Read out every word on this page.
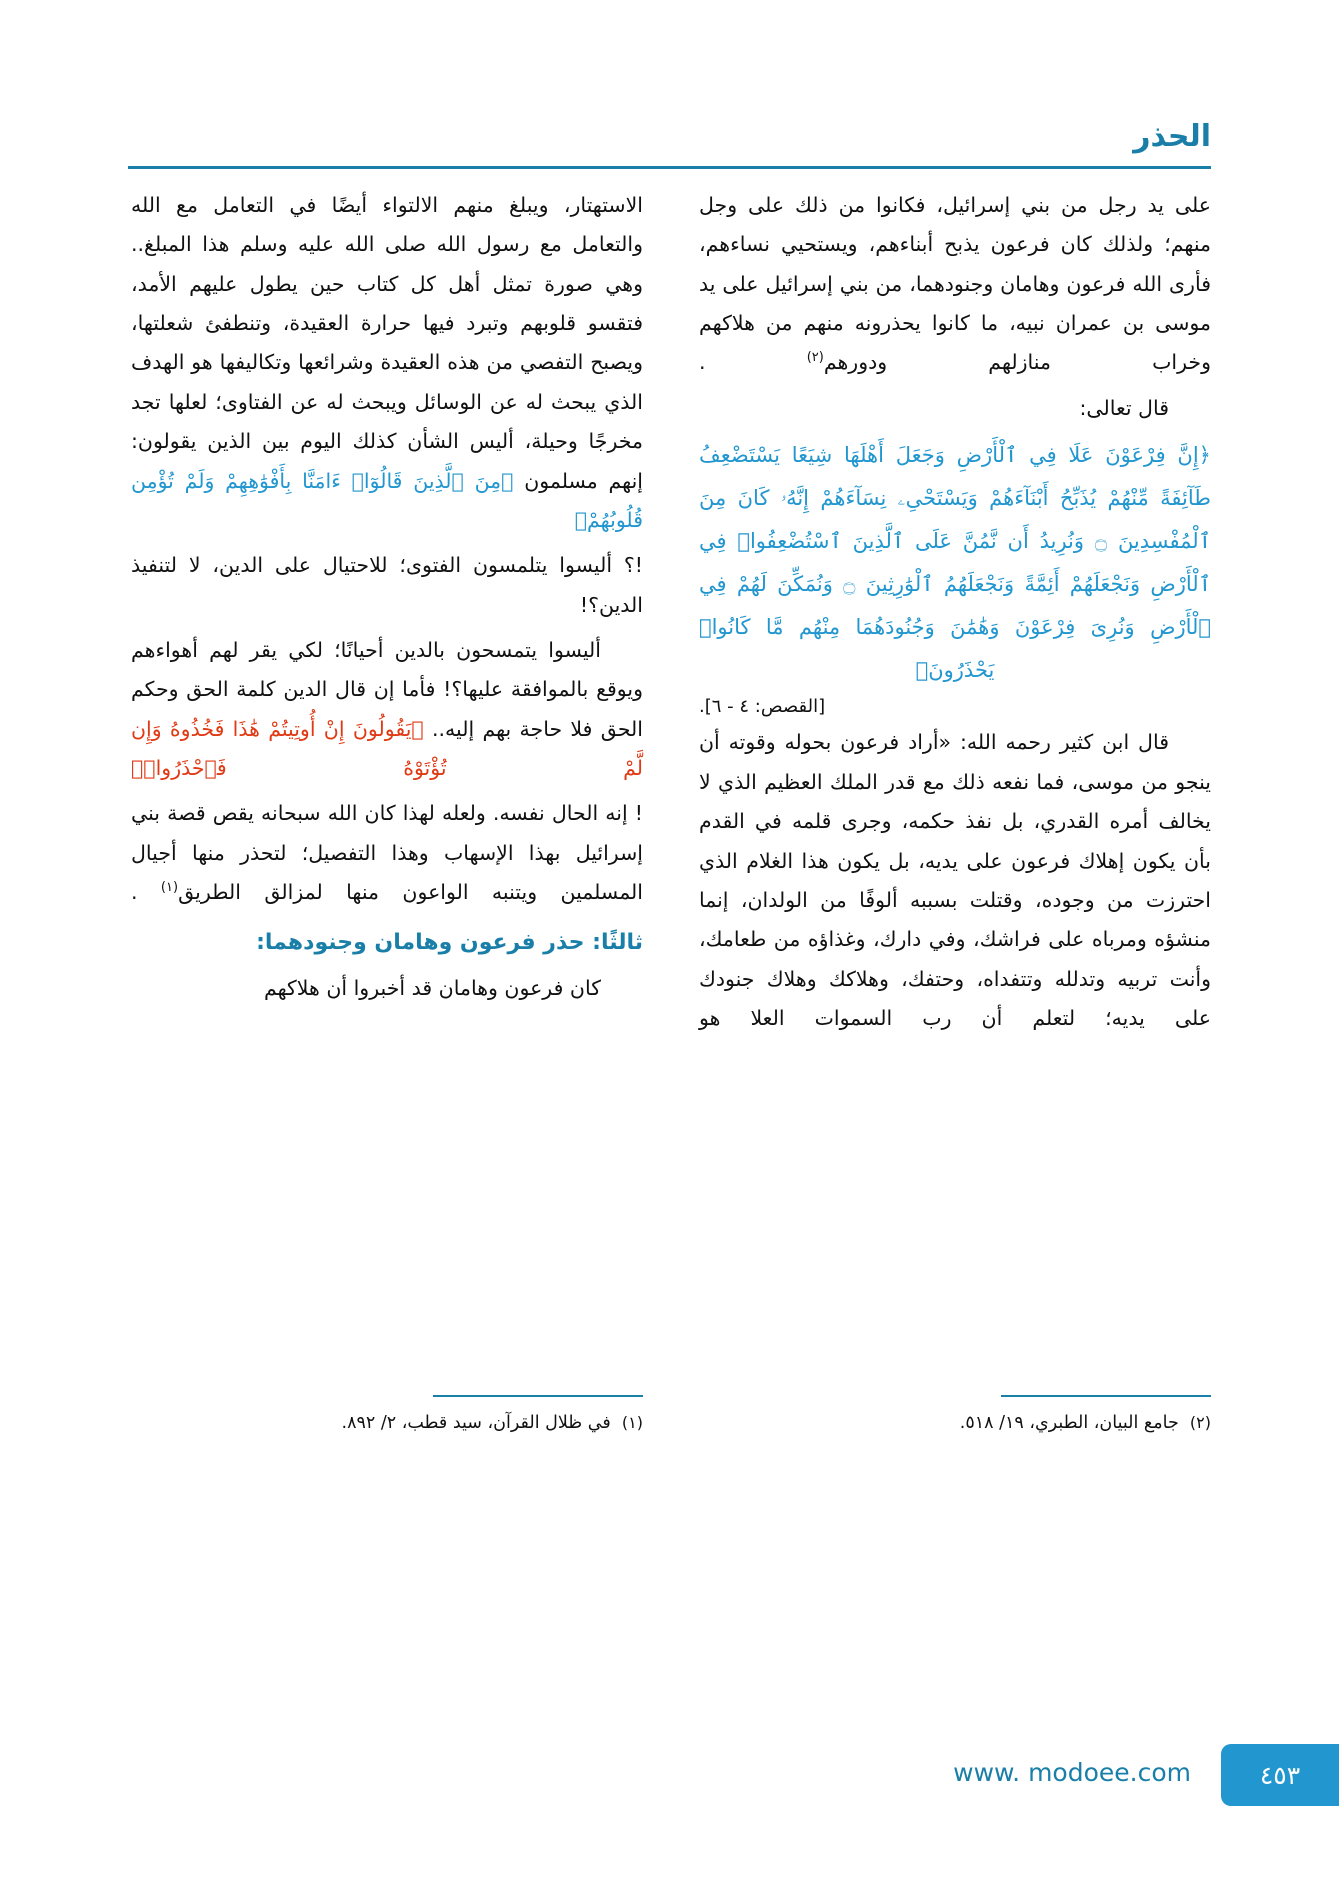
الحذر

على يد رجل من بني إسرائيل، فكانوا من ذلك على وجل منهم؛ ولذلك كان فرعون يذبح أبناءهم، ويستحيي نساءهم، فأرى الله فرعون وهامان وجنودهما، من بني إسرائيل على يد موسى بن عمران نبيه، ما كانوا يحذرونه منهم من هلاكهم وخراب منازلهم ودورهم$^{(٢)}$ .

قال تعالى:

﴿إِنَّ فِرْعَوْنَ عَلَا فِي ٱلْأَرْضِ وَجَعَلَ أَهْلَهَا شِيَعًا يَسْتَضْعِفُ طَآئِفَةً مِّنْهُمْ يُذَبِّحُ أَبْنَآءَهُمْ وَيَسْتَحْىِۦ نِسَآءَهُمْ إِنَّهُۥ كَانَ مِنَ ٱلْمُفْسِدِينَ ۝ وَنُرِيدُ أَن نَّمُنَّ عَلَى ٱلَّذِينَ ٱسْتُضْعِفُوا۟ فِي ٱلْأَرْضِ وَنَجْعَلَهُمْ أَئِمَّةً وَنَجْعَلَهُمُ ٱلْوَٰرِثِينَ ۝ وَنُمَكِّنَ لَهُمْ فِي ٱلْأَرْضِ وَنُرِىَ فِرْعَوْنَ وَهَٰمَٰنَ وَجُنُودَهُمَا مِنْهُم مَّا كَانُوا۟ يَحْذَرُونَ﴾
[القصص: ٤ - ٦].

قال ابن كثير رحمه الله: «أراد فرعون بحوله وقوته أن ينجو من موسى، فما نفعه ذلك مع قدر الملك العظيم الذي لا يخالف أمره القدري، بل نفذ حكمه، وجرى قلمه في القدم بأن يكون إهلاك فرعون على يديه، بل يكون هذا الغلام الذي احترزت من وجوده، وقتلت بسببه ألوفًا من الولدان، إنما منشؤه ومرباه على فراشك، وفي دارك، وغذاؤه من طعامك، وأنت تربيه وتدلله وتتفداه، وحتفك، وهلاكك وهلاك جنودك على يديه؛ لتعلم أن رب السموات العلا هو

الاستهتار، ويبلغ منهم الالتواء أيضًا في التعامل مع الله والتعامل مع رسول الله صلى الله عليه وسلم هذا المبلغ.. وهي صورة تمثل أهل كل كتاب حين يطول عليهم الأمد، فتقسو قلوبهم وتبرد فيها حرارة العقيدة، وتنطفئ شعلتها، ويصبح التفصي من هذه العقيدة وشرائعها وتكاليفها هو الهدف الذي يبحث له عن الوسائل ويبحث له عن الفتاوى؛ لعلها تجد مخرجًا وحيلة، أليس الشأن كذلك اليوم بين الذين يقولون: إنهم مسلمون ﴿مِنَ ٱلَّذِينَ قَالُوٓا۟ ءَامَنَّا بِأَفْوَٰهِهِمْ وَلَمْ تُؤْمِن قُلُوبُهُمْ﴾

!؟ أليسوا يتلمسون الفتوى؛ للاحتيال على الدين، لا لتنفيذ الدين؟!

أليسوا يتمسحون بالدين أحيانًا؛ لكي يقر لهم أهواءهم ويوقع بالموافقة عليها؟! فأما إن قال الدين كلمة الحق وحكم الحق فلا حاجة بهم إليه.. ﴿يَقُولُونَ إِنْ أُوتِيتُمْ هَٰذَا فَخُذُوهُ وَإِن لَّمْ تُؤْتَوْهُ فَٱحْذَرُوا۟﴾

! إنه الحال نفسه. ولعله لهذا كان الله سبحانه يقص قصة بني إسرائيل بهذا الإسهاب وهذا التفصيل؛ لتحذر منها أجيال المسلمين ويتنبه الواعون منها لمزالق الطريق$^{(١)}$ .

ثالثًا: حذر فرعون وهامان وجنودهما:

كان فرعون وهامان قد أخبروا أن هلاكهم

(٢)  جامع البيان، الطبري، ١٩/ ٥١٨.
(١)  في ظلال القرآن، سيد قطب، ٢/ ٨٩٢.
٤٥٣
www. modoee.com
